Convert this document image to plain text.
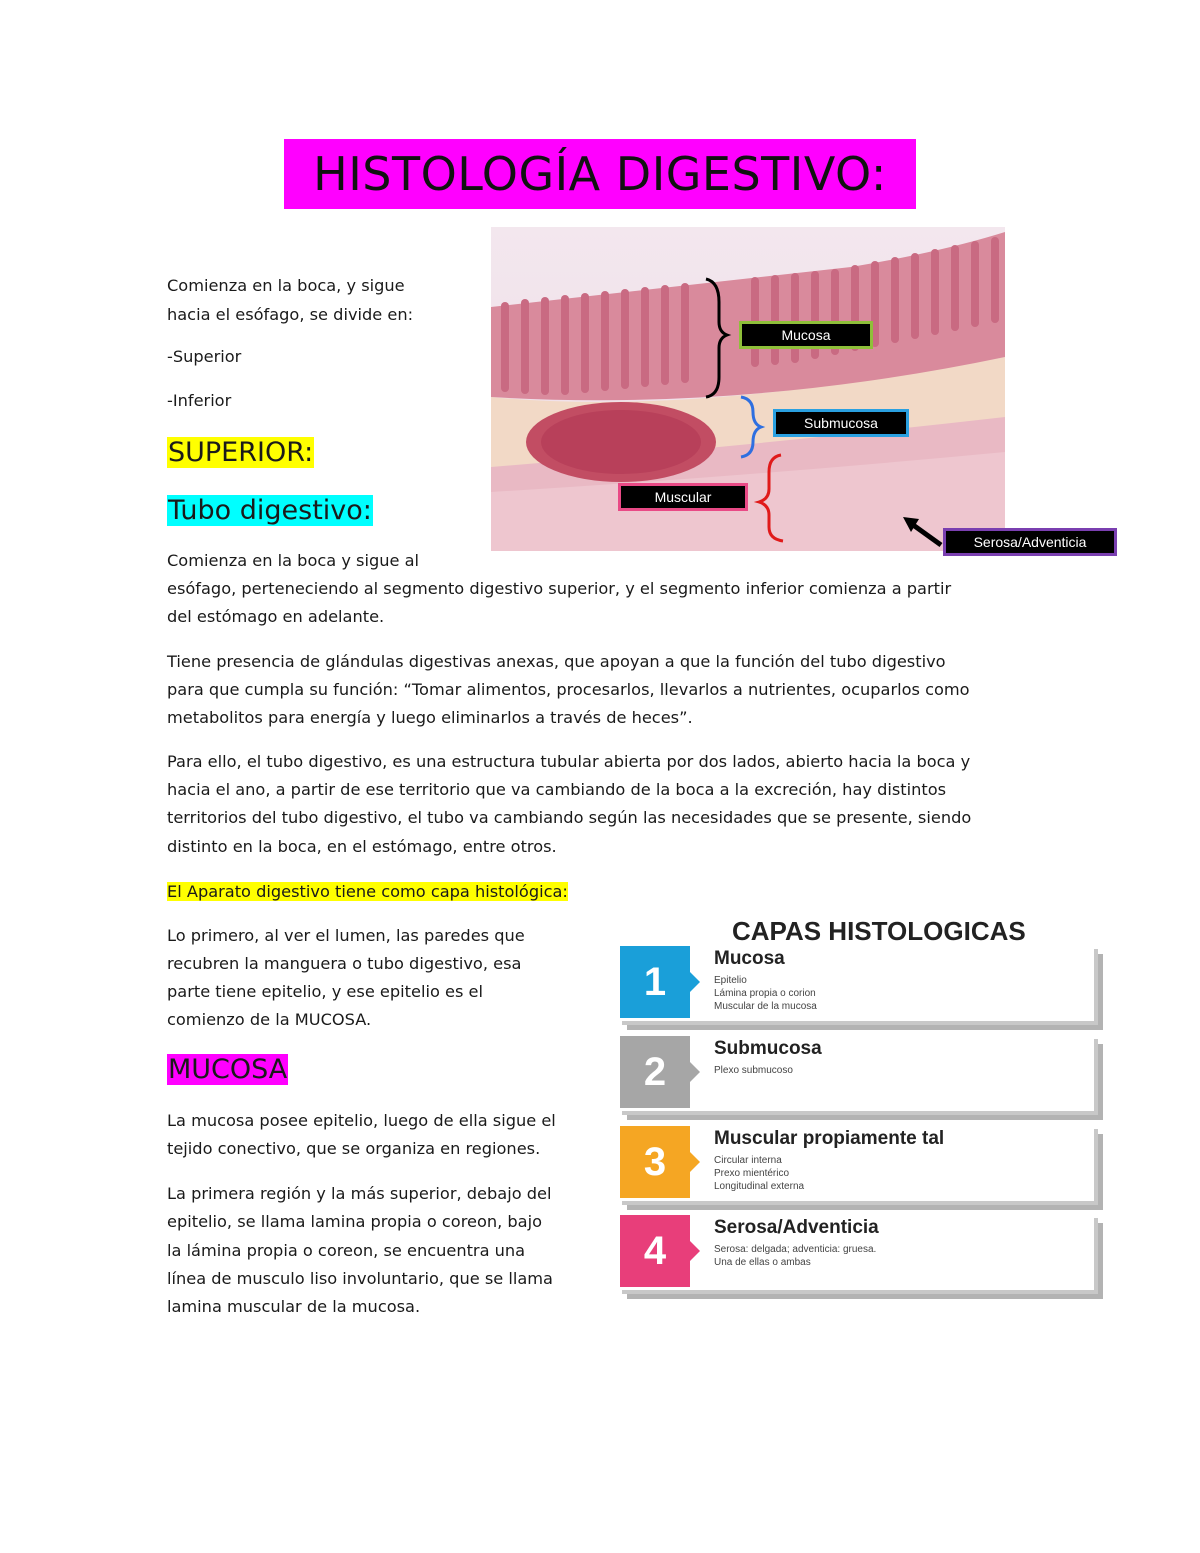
HISTOLOGÍA DIGESTIVO:
Comienza en la boca, y sigue
hacia el esófago, se divide en:
-Superior
-Inferior
SUPERIOR:
Tubo digestivo:
Mucosa
Submucosa
Muscular
Serosa/Adventicia
Comienza en la boca y sigue al
esófago, perteneciendo al segmento digestivo superior, y el segmento inferior comienza a partir
del estómago en adelante.
Tiene presencia de glándulas digestivas anexas, que apoyan a que la función del tubo digestivo
para que cumpla su función: “Tomar alimentos, procesarlos, llevarlos a nutrientes, ocuparlos como
metabolitos para energía y luego eliminarlos a través de heces”.
Para ello, el tubo digestivo, es una estructura tubular abierta por dos lados, abierto hacia la boca y
hacia el ano, a partir de ese territorio que va cambiando de la boca a la excreción, hay distintos
territorios del tubo digestivo, el tubo va cambiando según las necesidades que se presente, siendo
distinto en la boca, en el estómago, entre otros.
El Aparato digestivo tiene como capa histológica:
Lo primero, al ver el lumen, las paredes que
recubren la manguera o tubo digestivo, esa
parte tiene epitelio, y ese epitelio es el
comienzo de la MUCOSA.
MUCOSA
La mucosa posee epitelio, luego de ella sigue el
tejido conectivo, que se organiza en regiones.
La primera región y la más superior, debajo del
epitelio, se llama lamina propia o coreon, bajo
la lámina propia o coreon, se encuentra una
línea de musculo liso involuntario, que se llama
lamina muscular de la mucosa.
CAPAS HISTOLOGICAS
1
Mucosa
Epitelio
Lámina propia o corion
Muscular de la mucosa
2
Submucosa
Plexo submucoso
3
Muscular propiamente tal
Circular interna
Prexo mientérico
Longitudinal externa
4
Serosa/Adventicia
Serosa: delgada; adventicia: gruesa.
Una de ellas o ambas
